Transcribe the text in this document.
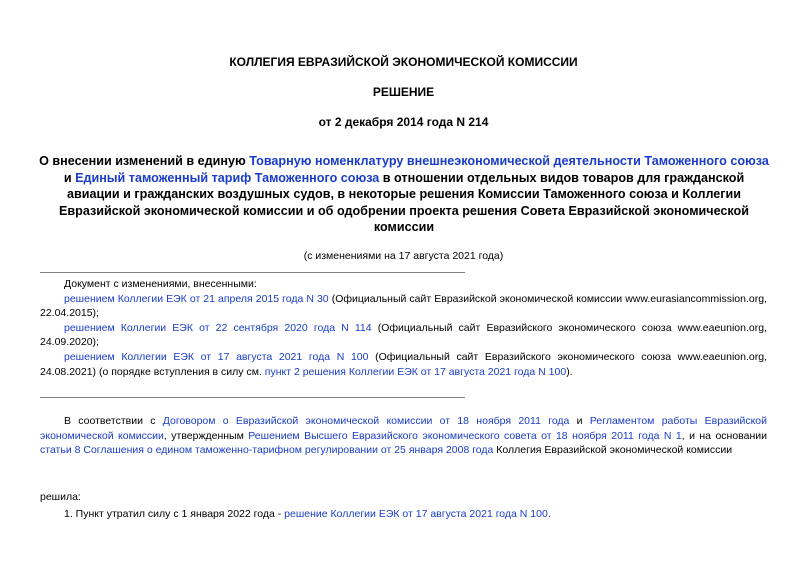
КОЛЛЕГИЯ ЕВРАЗИЙСКОЙ ЭКОНОМИЧЕСКОЙ КОМИССИИ
РЕШЕНИЕ
от 2 декабря 2014 года N 214
О внесении изменений в единую Товарную номенклатуру внешнеэкономической деятельности Таможенного союза и Единый таможенный тариф Таможенного союза в отношении отдельных видов товаров для гражданской авиации и гражданских воздушных судов, в некоторые решения Комиссии Таможенного союза и Коллегии Евразийской экономической комиссии и об одобрении проекта решения Совета Евразийской экономической комиссии
(с изменениями на 17 августа 2021 года)

Документ с изменениями, внесенными:

решением Коллегии ЕЭК от 21 апреля 2015 года N 30 (Официальный сайт Евразийской экономической комиссии www.eurasiancommission.org, 22.04.2015);

решением Коллегии ЕЭК от 22 сентября 2020 года N 114 (Официальный сайт Евразийского экономического союза www.eaeunion.org, 24.09.2020);

решением Коллегии ЕЭК от 17 августа 2021 года N 100 (Официальный сайт Евразийского экономического союза www.eaeunion.org, 24.08.2021) (о порядке вступления в силу см. пункт 2 решения Коллегии ЕЭК от 17 августа 2021 года N 100).

В соответствии с Договором о Евразийской экономической комиссии от 18 ноября 2011 года и Регламентом работы Евразийской экономической комиссии, утвержденным Решением Высшего Евразийского экономического совета от 18 ноября 2011 года N 1, и на основании статьи 8 Соглашения о едином таможенно-тарифном регулировании от 25 января 2008 года Коллегия Евразийской экономической комиссии

решила:

1. Пункт утратил силу с 1 января 2022 года - решение Коллегии ЕЭК от 17 августа 2021 года N 100.
